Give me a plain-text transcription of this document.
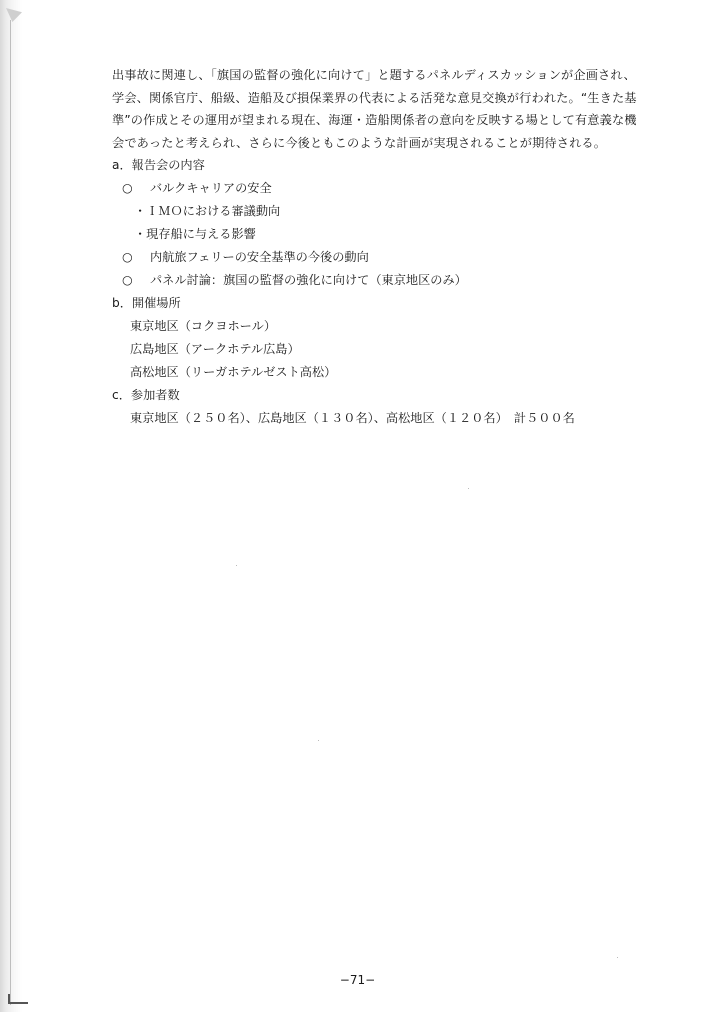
出事故に関連し、「旗国の監督の強化に向けて」と題するパネルディスカッションが企画され、学会、関係官庁、船級、造船及び損保業界の代表による活発な意見交換が行われた。“生きた基準”の作成とその運用が望まれる現在、海運・造船関係者の意向を反映する場として有意義な機会であったと考えられ、さらに今後ともこのような計画が実現されることが期待される。

a．報告会の内容
○ バルクキャリアの安全
・ＩＭＯにおける審議動向
・現存船に与える影響
○ 内航旅フェリーの安全基準の今後の動向
○ パネル討論：旗国の監督の強化に向けて（東京地区のみ）
b．開催場所
東京地区（コクヨホール）
広島地区（アークホテル広島）
高松地区（リーガホテルゼスト高松）
c．参加者数
東京地区（２５０名）、広島地区（１３０名）、高松地区（１２０名）　計５００名
−71−
